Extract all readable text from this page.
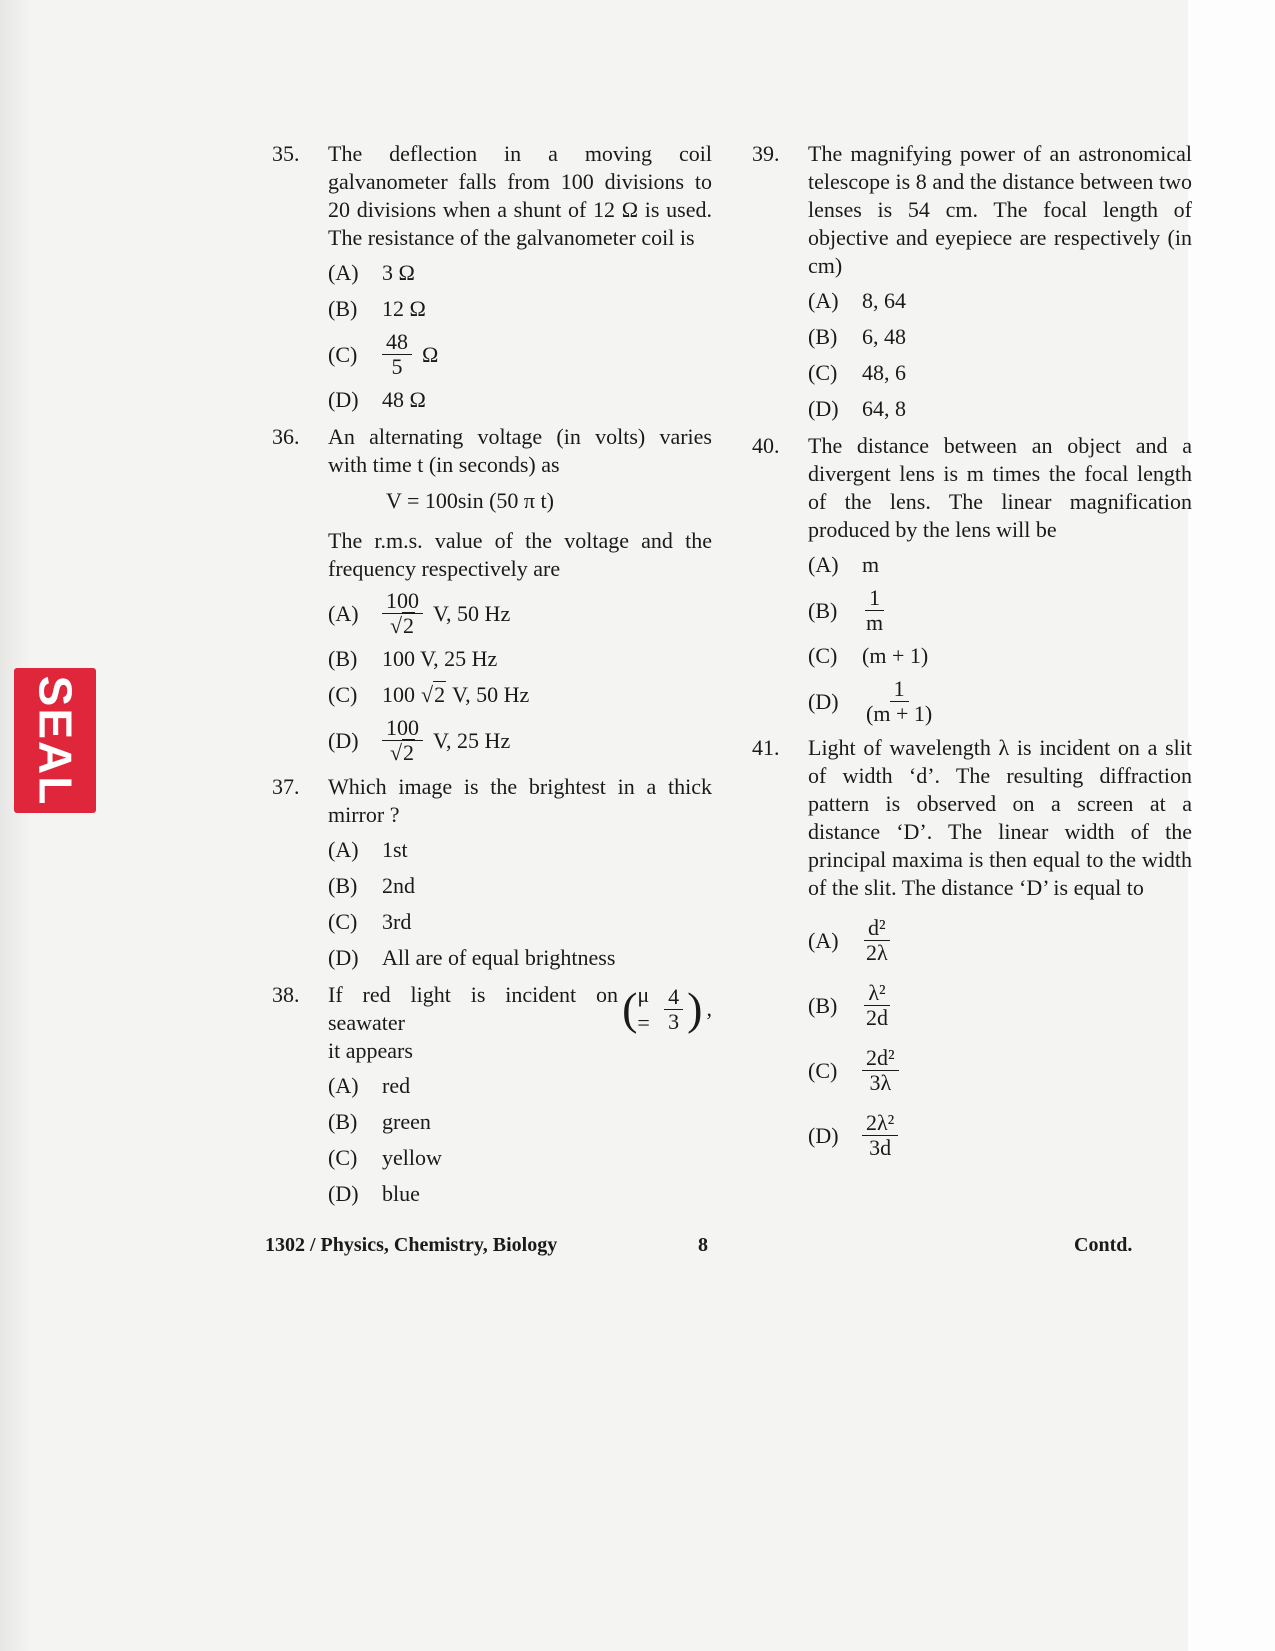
SEAL
35.	The deflection in a moving coil galvanometer falls from 100 divisions to 20 divisions when a shunt of 12 Ω is used. The resistance of the galvanometer coil is
(A)	3 Ω
(B)	12 Ω
(C)	$\frac{48}{5}$ Ω
(D)	48 Ω
36.	An alternating voltage (in volts) varies with time t (in seconds) as
V = 100sin (50 π t)
The r.m.s. value of the voltage and the frequency respectively are
(A)	$\frac{100}{√2} V$, 50 Hz
(B)	100 V, 25 Hz
(C)	100 √2 V, 50 Hz
(D)	$\frac{100}{√2} V$, 25 Hz
37.	Which image is the brightest in a thick mirror ?
(A)	1st
(B)	2nd
(C)	3rd
(D)	All are of equal brightness
38.	If red light is incident on seawater	( $\mu = \frac{4}{3}$ ) ,
it appears
(A)	red
(B)	green
(C)	yellow
(D)	blue
39.	The magnifying power of an astronomical telescope is 8 and the distance between two lenses is 54 cm. The focal length of objective and eyepiece are respectively (in cm)
(A)	8, 64
(B)	6, 48
(C)	48, 6
(D)	64, 8
40.	The distance between an object and a divergent lens is m times the focal length of the lens. The linear magnification produced by the lens will be
(A)	m
(B)	$\frac{1}{m}$
(C)	(m + 1)
(D)	$\frac{1}{(m + 1)}$
41.	Light of wavelength λ is incident on a slit of width ‘d’. The resulting diffraction pattern is observed on a screen at a distance ‘D’. The linear width of the principal maxima is then equal to the width of the slit. The distance ‘D’ is equal to
(A)	$\frac{\text{d²}}{2\lambda}$
(B)	$\frac{\text{λ²}}{2d}$
(C)	$\frac{\text{2d²}}{3\lambda}$
(D)	$\frac{\text{2λ²}}{3d}$
1302 / Physics, Chemistry, Biology	8	Contd.
